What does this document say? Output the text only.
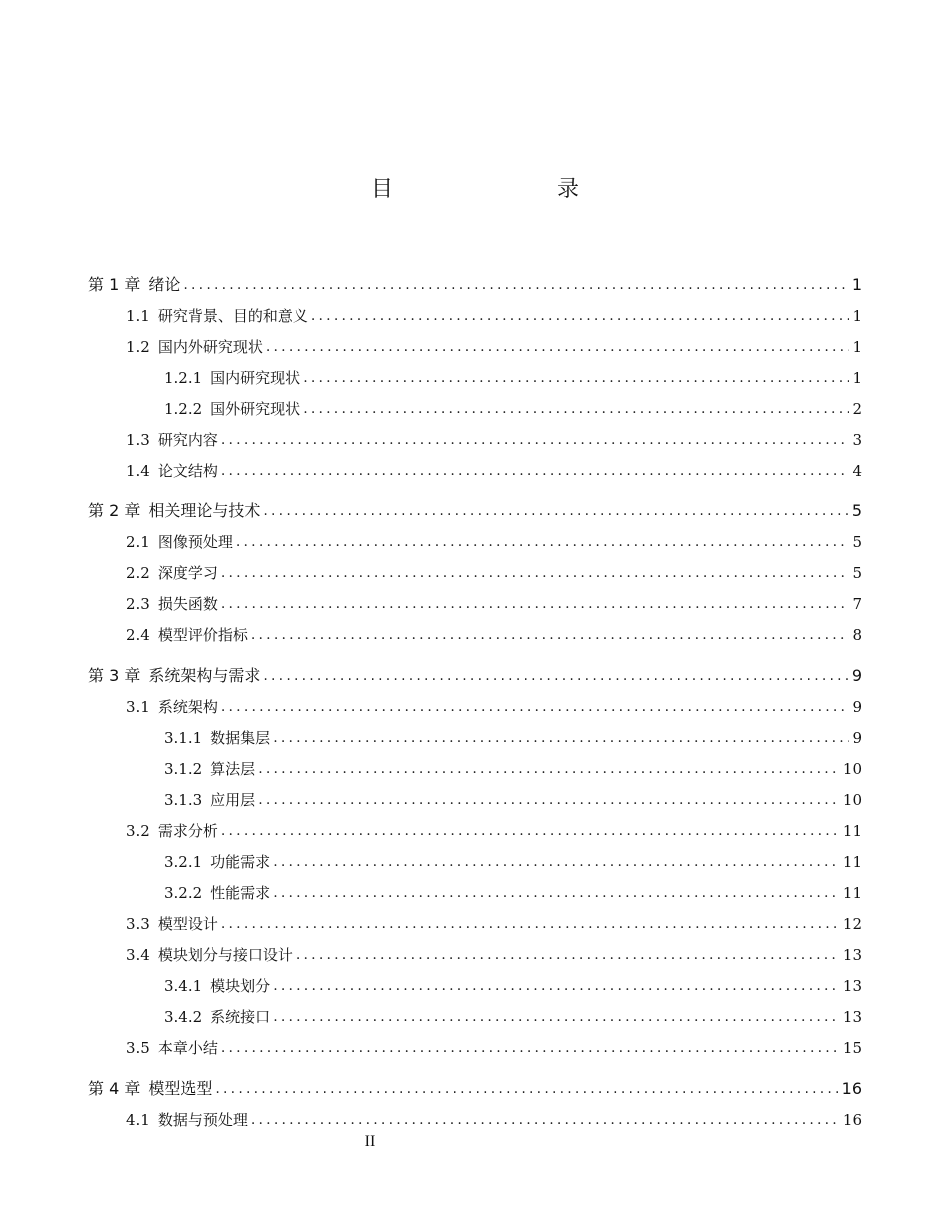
目　　录
第 1 章 绪论 .....	1
1.1 研究背景、目的和意义 .....	1
1.2 国内外研究现状 .....	1
1.2.1 国内研究现状 .....	1
1.2.2 国外研究现状 .....	2
1.3 研究内容 .....	3
1.4 论文结构 .....	4
第 2 章 相关理论与技术 .....	5
2.1 图像预处理 .....	5
2.2 深度学习 .....	5
2.3 损失函数 .....	7
2.4 模型评价指标 .....	8
第 3 章 系统架构与需求 .....	9
3.1 系统架构 .....	9
3.1.1 数据集层 .....	9
3.1.2 算法层 .....	10
3.1.3 应用层 .....	10
3.2 需求分析 .....	11
3.2.1 功能需求 .....	11
3.2.2 性能需求 .....	11
3.3 模型设计 .....	12
3.4 模块划分与接口设计 .....	13
3.4.1 模块划分 .....	13
3.4.2 系统接口 .....	13
3.5 本章小结 .....	15
第 4 章 模型选型 .....	16
4.1 数据与预处理 .....	16
II
